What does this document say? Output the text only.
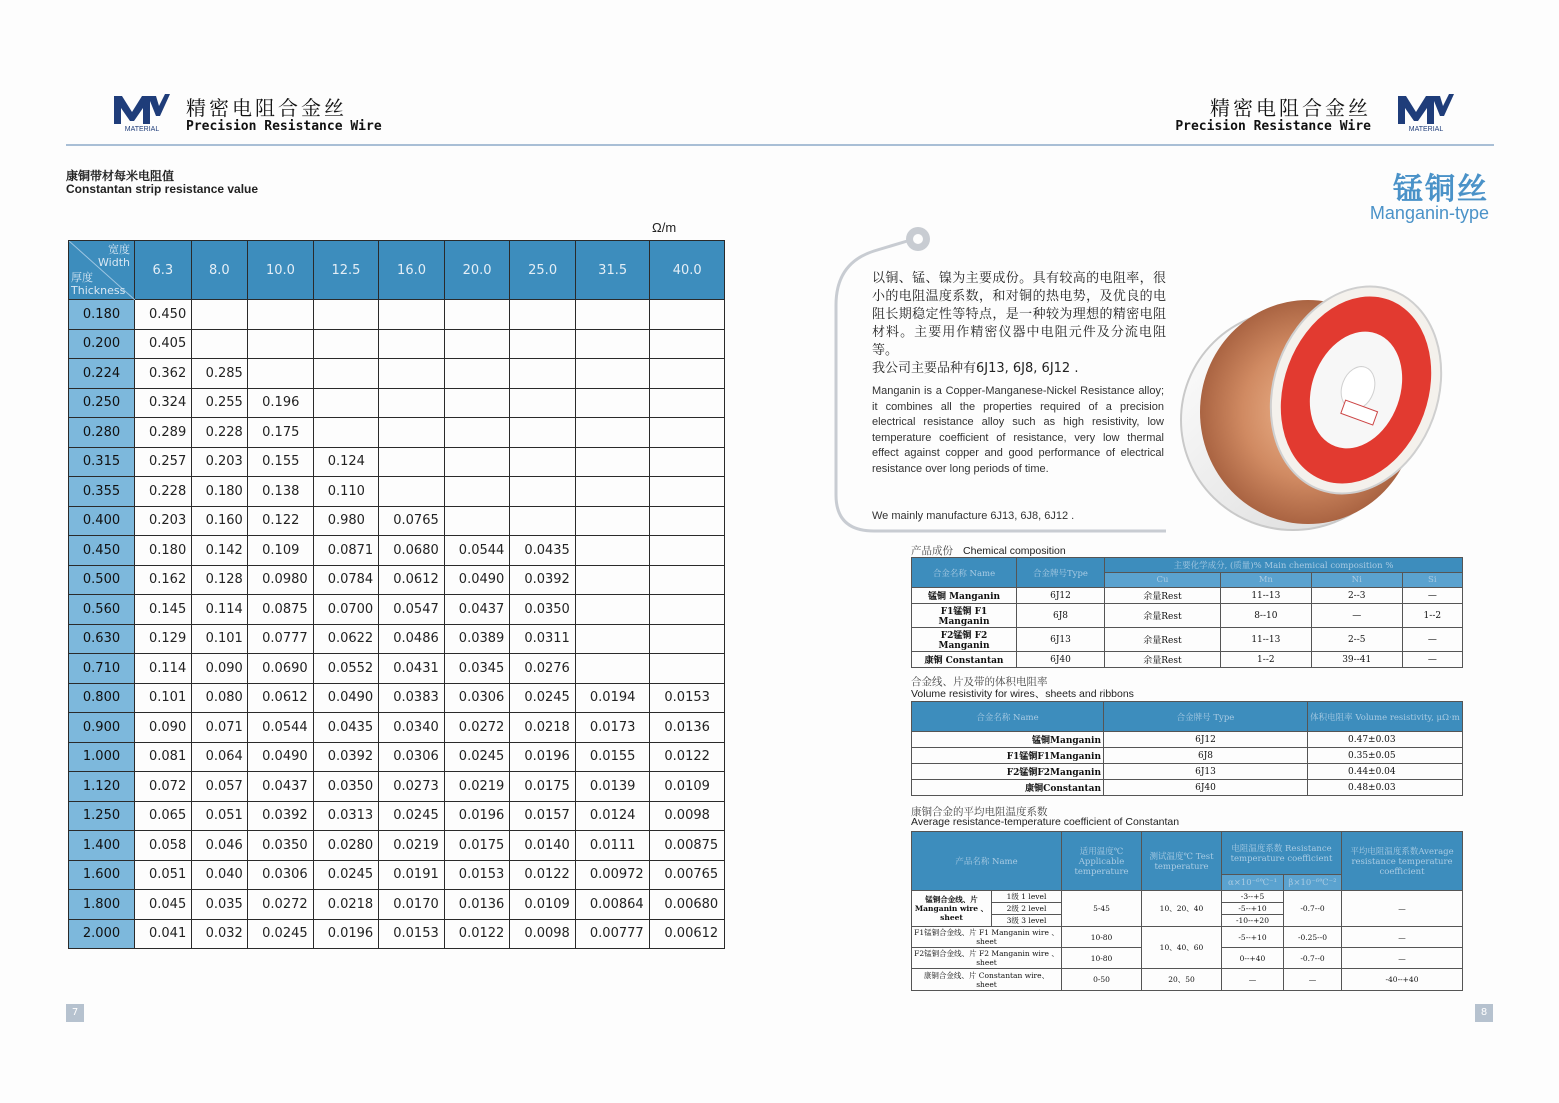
MATERIAL
精密电阻合金丝
Precision Resistance Wire
精密电阻合金丝
Precision Resistance Wire	MATERIAL
康铜带材每米电阻值
Constantan strip resistance value
Ω/m
宽度
Width
厚度
Thickness	6.3	8.0	10.0	12.5	16.0	20.0	25.0	31.5	40.0
0.180	0.450								
0.200	0.405								
0.224	0.362	0.285							
0.250	0.324	0.255	0.196						
0.280	0.289	0.228	0.175						
0.315	0.257	0.203	0.155	0.124					
0.355	0.228	0.180	0.138	0.110					
0.400	0.203	0.160	0.122	0.980	0.0765				
0.450	0.180	0.142	0.109	0.0871	0.0680	0.0544	0.0435		
0.500	0.162	0.128	0.0980	0.0784	0.0612	0.0490	0.0392		
0.560	0.145	0.114	0.0875	0.0700	0.0547	0.0437	0.0350		
0.630	0.129	0.101	0.0777	0.0622	0.0486	0.0389	0.0311		
0.710	0.114	0.090	0.0690	0.0552	0.0431	0.0345	0.0276		
0.800	0.101	0.080	0.0612	0.0490	0.0383	0.0306	0.0245	0.0194	0.0153
0.900	0.090	0.071	0.0544	0.0435	0.0340	0.0272	0.0218	0.0173	0.0136
1.000	0.081	0.064	0.0490	0.0392	0.0306	0.0245	0.0196	0.0155	0.0122
1.120	0.072	0.057	0.0437	0.0350	0.0273	0.0219	0.0175	0.0139	0.0109
1.250	0.065	0.051	0.0392	0.0313	0.0245	0.0196	0.0157	0.0124	0.0098
1.400	0.058	0.046	0.0350	0.0280	0.0219	0.0175	0.0140	0.0111	0.00875
1.600	0.051	0.040	0.0306	0.0245	0.0191	0.0153	0.0122	0.00972	0.00765
1.800	0.045	0.035	0.0272	0.0218	0.0170	0.0136	0.0109	0.00864	0.00680
2.000	0.041	0.032	0.0245	0.0196	0.0153	0.0122	0.0098	0.00777	0.00612
7
锰铜丝
Manganin-type
以铜、锰、镍为主要成份。具有较高的电阻率，很小的电阻温度系数，和对铜的热电势，及优良的电阻长期稳定性等特点，是一种较为理想的精密电阻材料。主要用作精密仪器中电阻元件及分流电阻等。
我公司主要品种有6J13, 6J8, 6J12 .
Manganin is a Copper-Manganese-Nickel Resistance alloy; it combines all the properties required of a precision electrical resistance alloy such as high resistivity, low temperature coefficient of resistance, very low thermal effect against copper and good performance of electrical resistance over long periods of time.
We mainly manufacture 6J13, 6J8, 6J12 .
产品成份 Chemical composition
合金名称 Name	合金牌号Type	主要化学成分, (质量)% Main chemical composition %			
		Cu	Mn	Ni	Si
锰铜 Manganin	6J12	余量Rest	11--13	2--3	—
F1锰铜 F1 Manganin	6J8	余量Rest	8--10	—	1--2
F2锰铜 F2 Manganin	6J13	余量Rest	11--13	2--5	—
康铜 Constantan	6J40	余量Rest	1--2	39--41	—
合金线、片及带的体积电阻率
Volume resistivity for wires、sheets and ribbons
合金名称 Name	合金牌号 Type	体积电阻率 Volume resistivity, μΩ·m
锰铜Manganin	6J12	0.47±0.03
F1锰铜F1Manganin	6J8	0.35±0.05
F2锰铜F2Manganin	6J13	0.44±0.04
康铜Constantan	6J40	0.48±0.03
康铜合金的平均电阻温度系数
Average resistance-temperature coefficient of Constantan
产品名称 Name		适用温度℃ Applicable temperature	测试温度℃ Test temperature	电阻温度系数 Resistance temperature coefficient		平均电阻温度系数Average resistance temperature coefficient

				α×10⁻⁶℃⁻¹	β×10⁻⁶℃⁻²	
锰铜合金线、片 Manganin wire 、sheet	1级 1 level	5-45	10、20、40	-3--+5	-0.7--0	—
	2级 2 level			-5--+10		
	3级 3 level			-10--+20		
F1锰铜合金线、片 F1 Manganin wire 、sheet		10-80	10、40、60	-5--+10	-0.25--0	—
F2锰铜合金线、片 F2 Manganin wire 、sheet		10-80		0--+40	-0.7--0	—
康铜合金线、片 Constantan wire、sheet		0-50	20、50	—	—	-40--+40
8
